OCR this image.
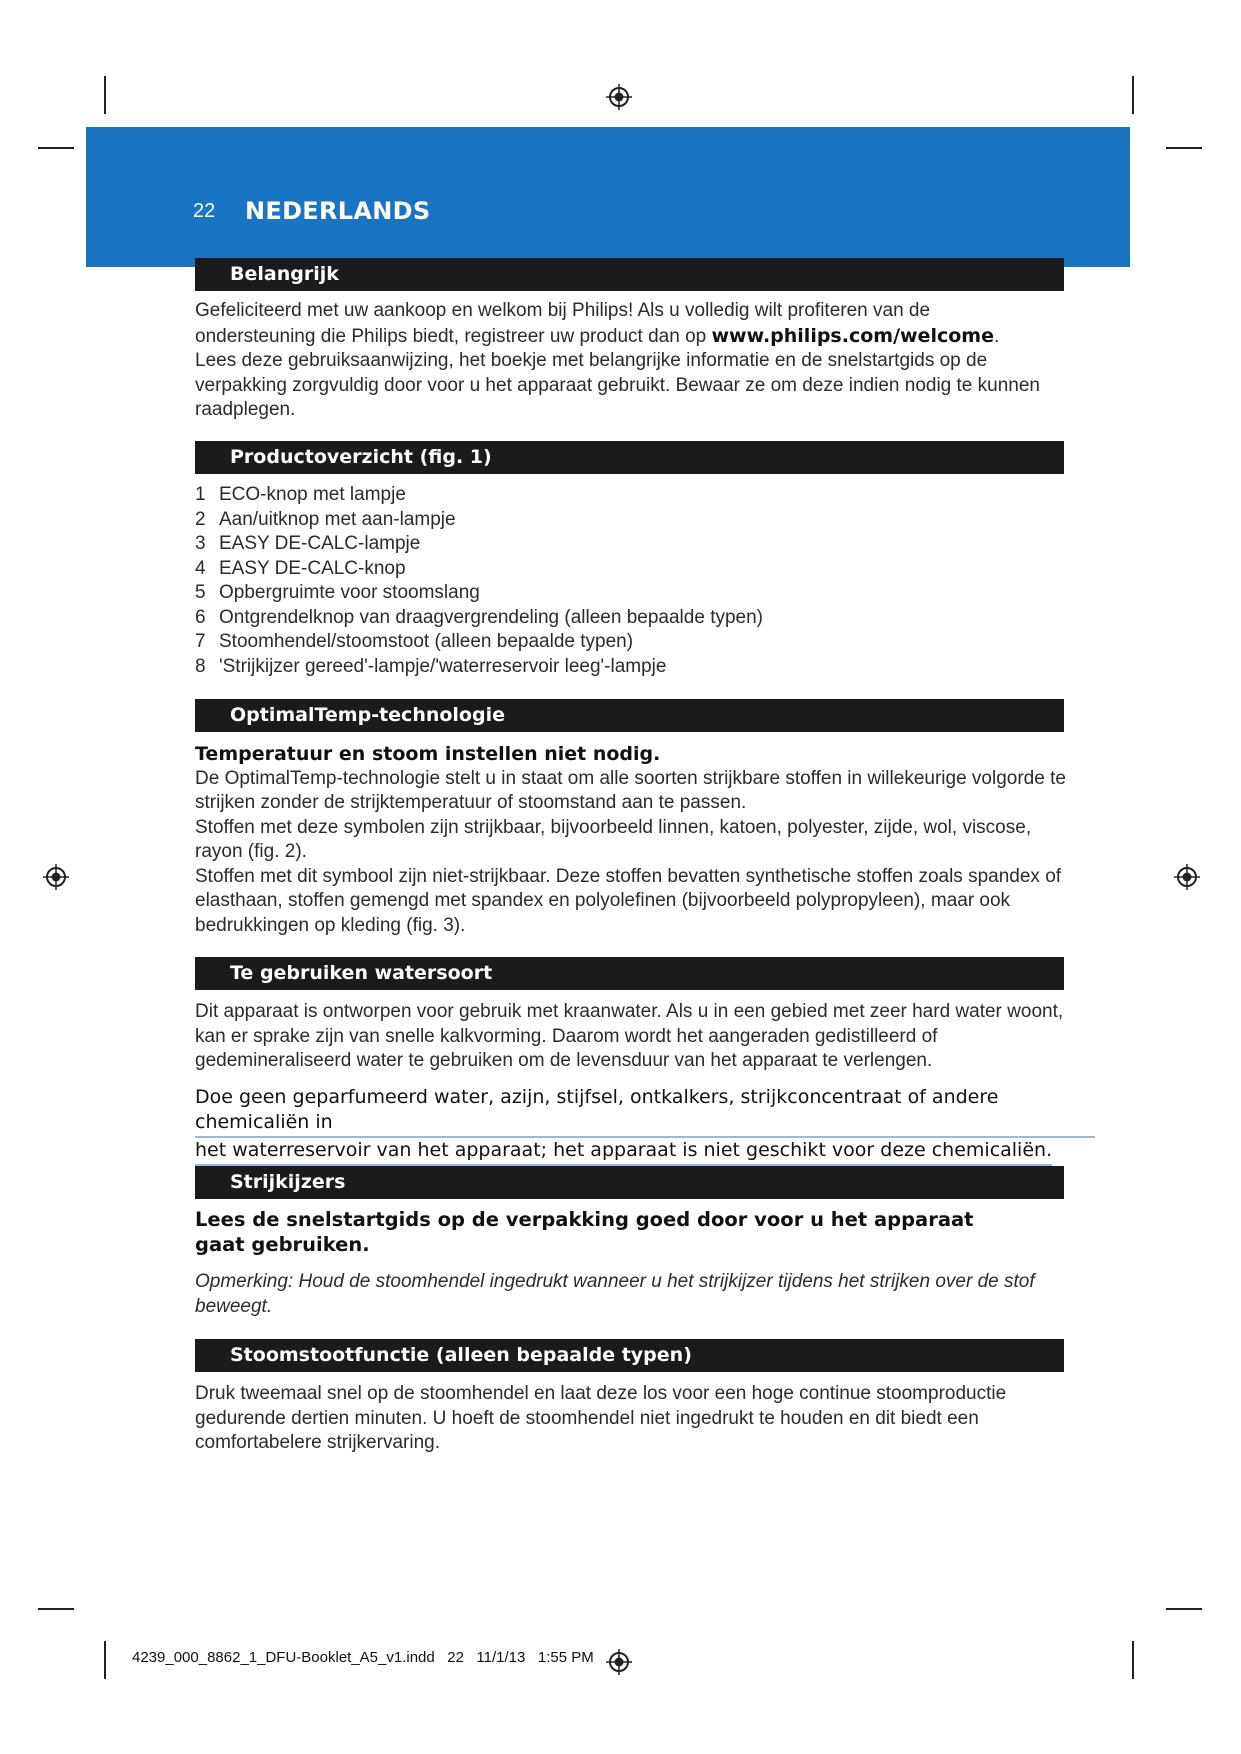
22 NEDERLANDS
Belangrijk
Gefeliciteerd met uw aankoop en welkom bij Philips! Als u volledig wilt profiteren van de ondersteuning die Philips biedt, registreer uw product dan op www.philips.com/welcome.
Lees deze gebruiksaanwijzing, het boekje met belangrijke informatie en de snelstartgids op de verpakking zorgvuldig door voor u het apparaat gebruikt. Bewaar ze om deze indien nodig te kunnen raadplegen.
Productoverzicht (fig. 1)
1 ECO-knop met lampje
2 Aan/uitknop met aan-lampje
3 EASY DE-CALC-lampje
4 EASY DE-CALC-knop
5 Opbergruimte voor stoomslang
6 Ontgrendelknop van draagvergrendeling (alleen bepaalde typen)
7 Stoomhendel/stoomstoot (alleen bepaalde typen)
8 'Strijkijzer gereed'-lampje/'waterreservoir leeg'-lampje
OptimalTemp-technologie
Temperatuur en stoom instellen niet nodig.
De OptimalTemp-technologie stelt u in staat om alle soorten strijkbare stoffen in willekeurige volgorde te strijken zonder de strijktemperatuur of stoomstand aan te passen.
Stoffen met deze symbolen zijn strijkbaar, bijvoorbeeld linnen, katoen, polyester, zijde, wol, viscose, rayon (fig. 2).
Stoffen met dit symbool zijn niet-strijkbaar. Deze stoffen bevatten synthetische stoffen zoals spandex of elasthaan, stoffen gemengd met spandex en polyolefinen (bijvoorbeeld polypropyleen), maar ook bedrukkingen op kleding (fig. 3).
Te gebruiken watersoort
Dit apparaat is ontworpen voor gebruik met kraanwater. Als u in een gebied met zeer hard water woont, kan er sprake zijn van snelle kalkvorming. Daarom wordt het aangeraden gedistilleerd of gedemineraliseerd water te gebruiken om de levensduur van het apparaat te verlengen.
Doe geen geparfumeerd water, azijn, stijfsel, ontkalkers, strijkconcentraat of andere chemicaliën in
het waterreservoir van het apparaat; het apparaat is niet geschikt voor deze chemicaliën.
Strijkijzers
Lees de snelstartgids op de verpakking goed door voor u het apparaat gaat gebruiken.
Opmerking: Houd de stoomhendel ingedrukt wanneer u het strijkijzer tijdens het strijken over de stof beweegt.
Stoomstootfunctie (alleen bepaalde typen)
Druk tweemaal snel op de stoomhendel en laat deze los voor een hoge continue stoomproductie gedurende dertien minuten. U hoeft de stoomhendel niet ingedrukt te houden en dit biedt een comfortabelere strijkervaring.
4239_000_8862_1_DFU-Booklet_A5_v1.indd   22   11/1/13   1:55 PM
